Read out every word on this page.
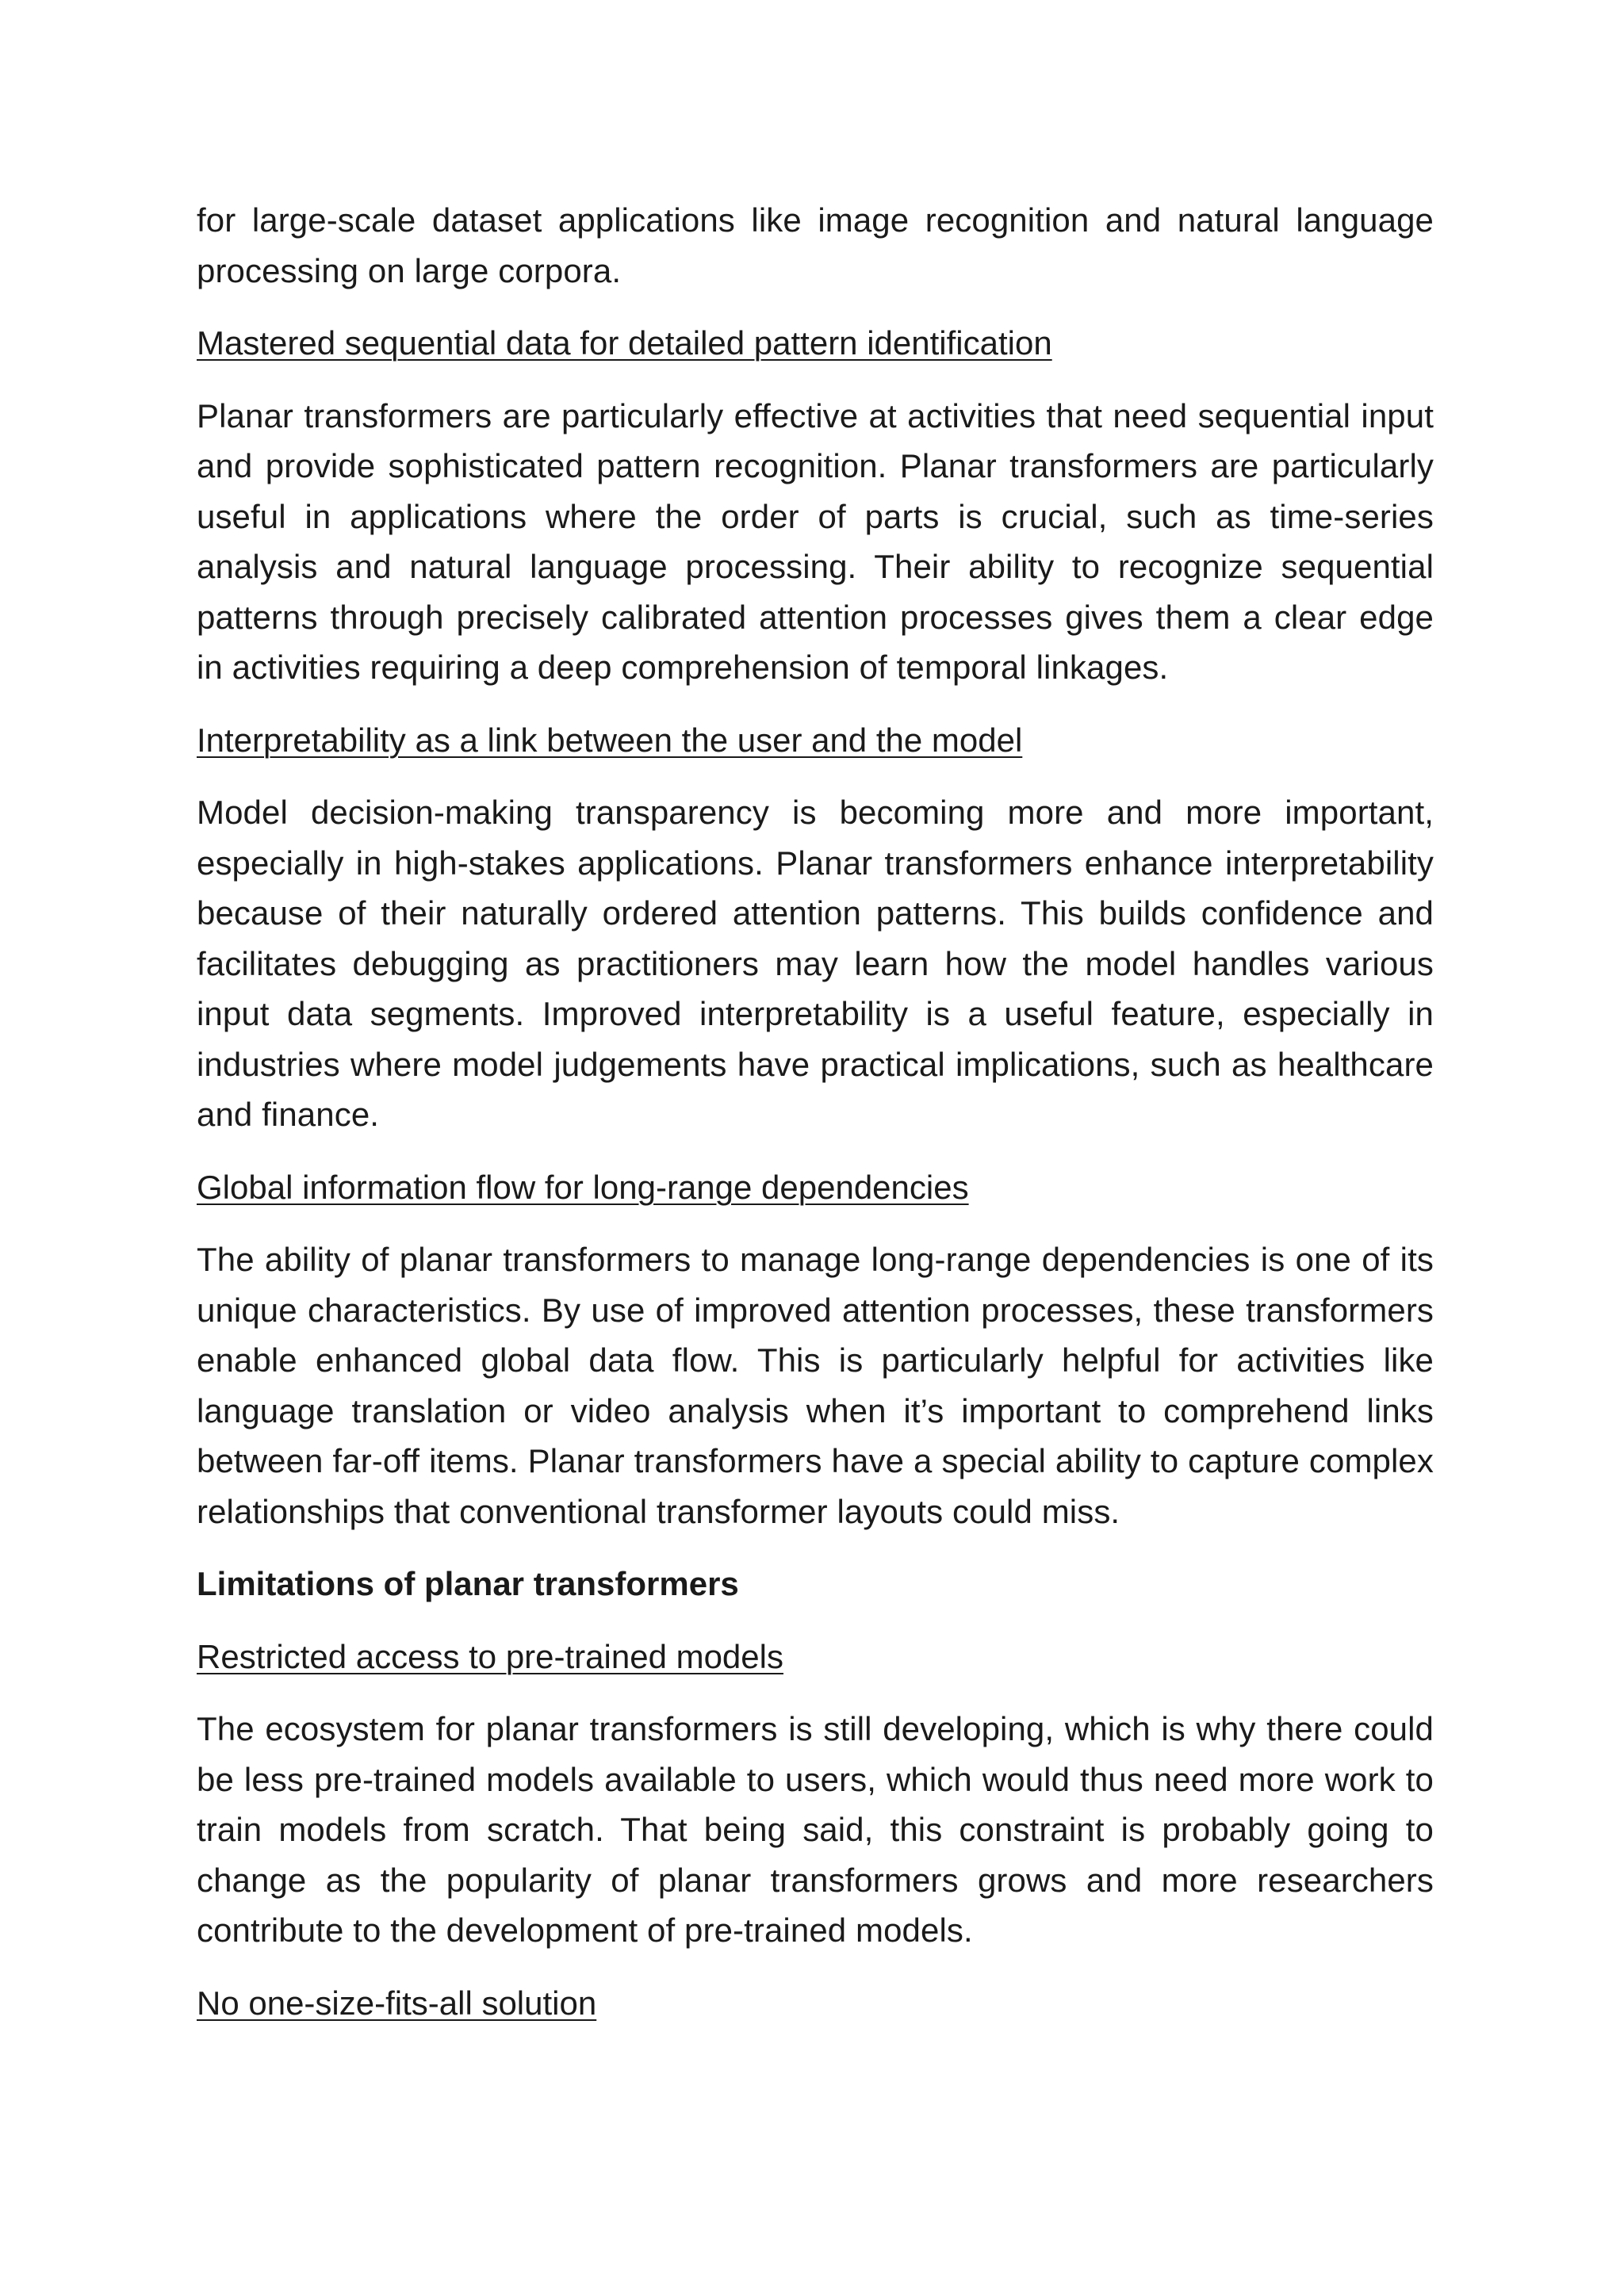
for large-scale dataset applications like image recognition and natural language processing on large corpora.

Mastered sequential data for detailed pattern identification

Planar transformers are particularly effective at activities that need sequential input and provide sophisticated pattern recognition. Planar transformers are particularly useful in applications where the order of parts is crucial, such as time-series analysis and natural language processing. Their ability to recognize sequential patterns through precisely calibrated attention processes gives them a clear edge in activities requiring a deep comprehension of temporal linkages.

Interpretability as a link between the user and the model

Model decision-making transparency is becoming more and more important, especially in high-stakes applications. Planar transformers enhance interpretability because of their naturally ordered attention patterns. This builds confidence and facilitates debugging as practitioners may learn how the model handles various input data segments. Improved interpretability is a useful feature, especially in industries where model judgements have practical implications, such as healthcare and finance.

Global information flow for long-range dependencies

The ability of planar transformers to manage long-range dependencies is one of its unique characteristics. By use of improved attention processes, these transformers enable enhanced global data flow. This is particularly helpful for activities like language translation or video analysis when it’s important to comprehend links between far-off items. Planar transformers have a special ability to capture complex relationships that conventional transformer layouts could miss.

Limitations of planar transformers

Restricted access to pre-trained models

The ecosystem for planar transformers is still developing, which is why there could be less pre-trained models available to users, which would thus need more work to train models from scratch. That being said, this constraint is probably going to change as the popularity of planar transformers grows and more researchers contribute to the development of pre-trained models.

No one-size-fits-all solution
